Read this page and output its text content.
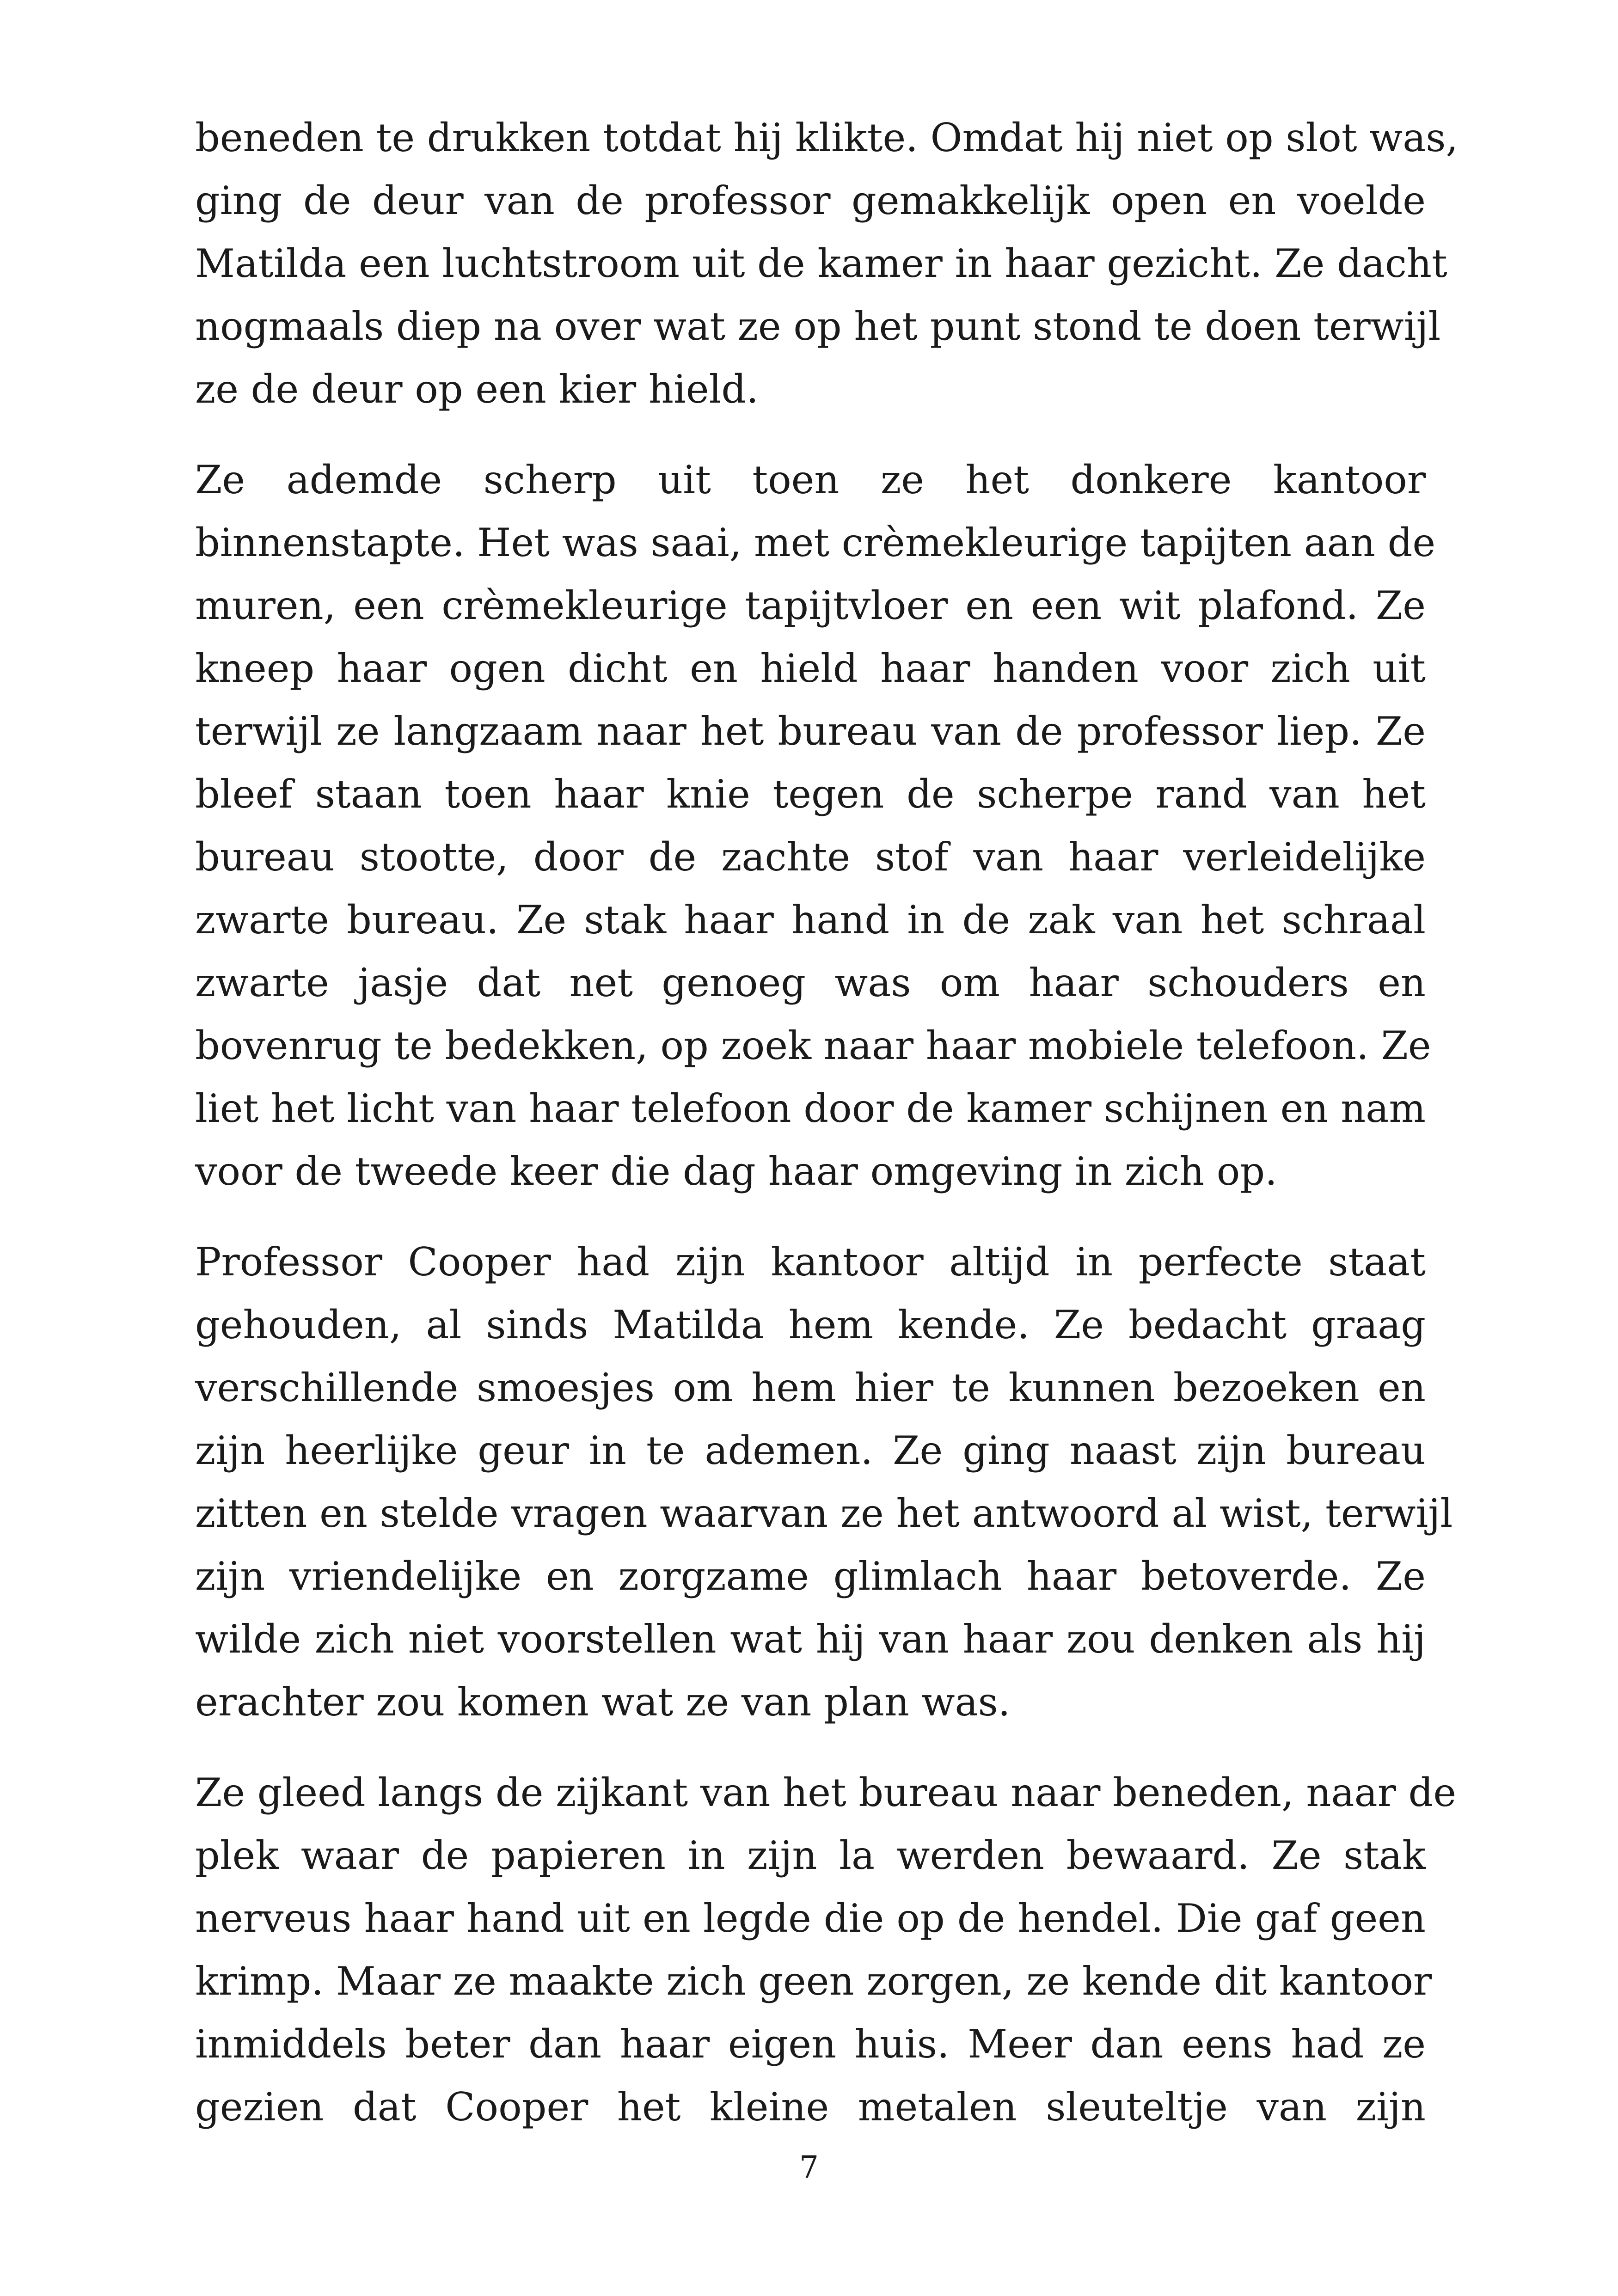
beneden te drukken totdat hij klikte. Omdat hij niet op slot was,
ging de deur van de professor gemakkelijk open en voelde
Matilda een luchtstroom uit de kamer in haar gezicht. Ze dacht
nogmaals diep na over wat ze op het punt stond te doen terwijl
ze de deur op een kier hield.
Ze ademde scherp uit toen ze het donkere kantoor
binnenstapte. Het was saai, met crèmekleurige tapijten aan de
muren, een crèmekleurige tapijtvloer en een wit plafond. Ze
kneep haar ogen dicht en hield haar handen voor zich uit
terwijl ze langzaam naar het bureau van de professor liep. Ze
bleef staan toen haar knie tegen de scherpe rand van het
bureau stootte, door de zachte stof van haar verleidelijke
zwarte bureau. Ze stak haar hand in de zak van het schraal
zwarte jasje dat net genoeg was om haar schouders en
bovenrug te bedekken, op zoek naar haar mobiele telefoon. Ze
liet het licht van haar telefoon door de kamer schijnen en nam
voor de tweede keer die dag haar omgeving in zich op.
Professor Cooper had zijn kantoor altijd in perfecte staat
gehouden, al sinds Matilda hem kende. Ze bedacht graag
verschillende smoesjes om hem hier te kunnen bezoeken en
zijn heerlijke geur in te ademen. Ze ging naast zijn bureau
zitten en stelde vragen waarvan ze het antwoord al wist, terwijl
zijn vriendelijke en zorgzame glimlach haar betoverde. Ze
wilde zich niet voorstellen wat hij van haar zou denken als hij
erachter zou komen wat ze van plan was.
Ze gleed langs de zijkant van het bureau naar beneden, naar de
plek waar de papieren in zijn la werden bewaard. Ze stak
nerveus haar hand uit en legde die op de hendel. Die gaf geen
krimp. Maar ze maakte zich geen zorgen, ze kende dit kantoor
inmiddels beter dan haar eigen huis. Meer dan eens had ze
gezien dat Cooper het kleine metalen sleuteltje van zijn
7
